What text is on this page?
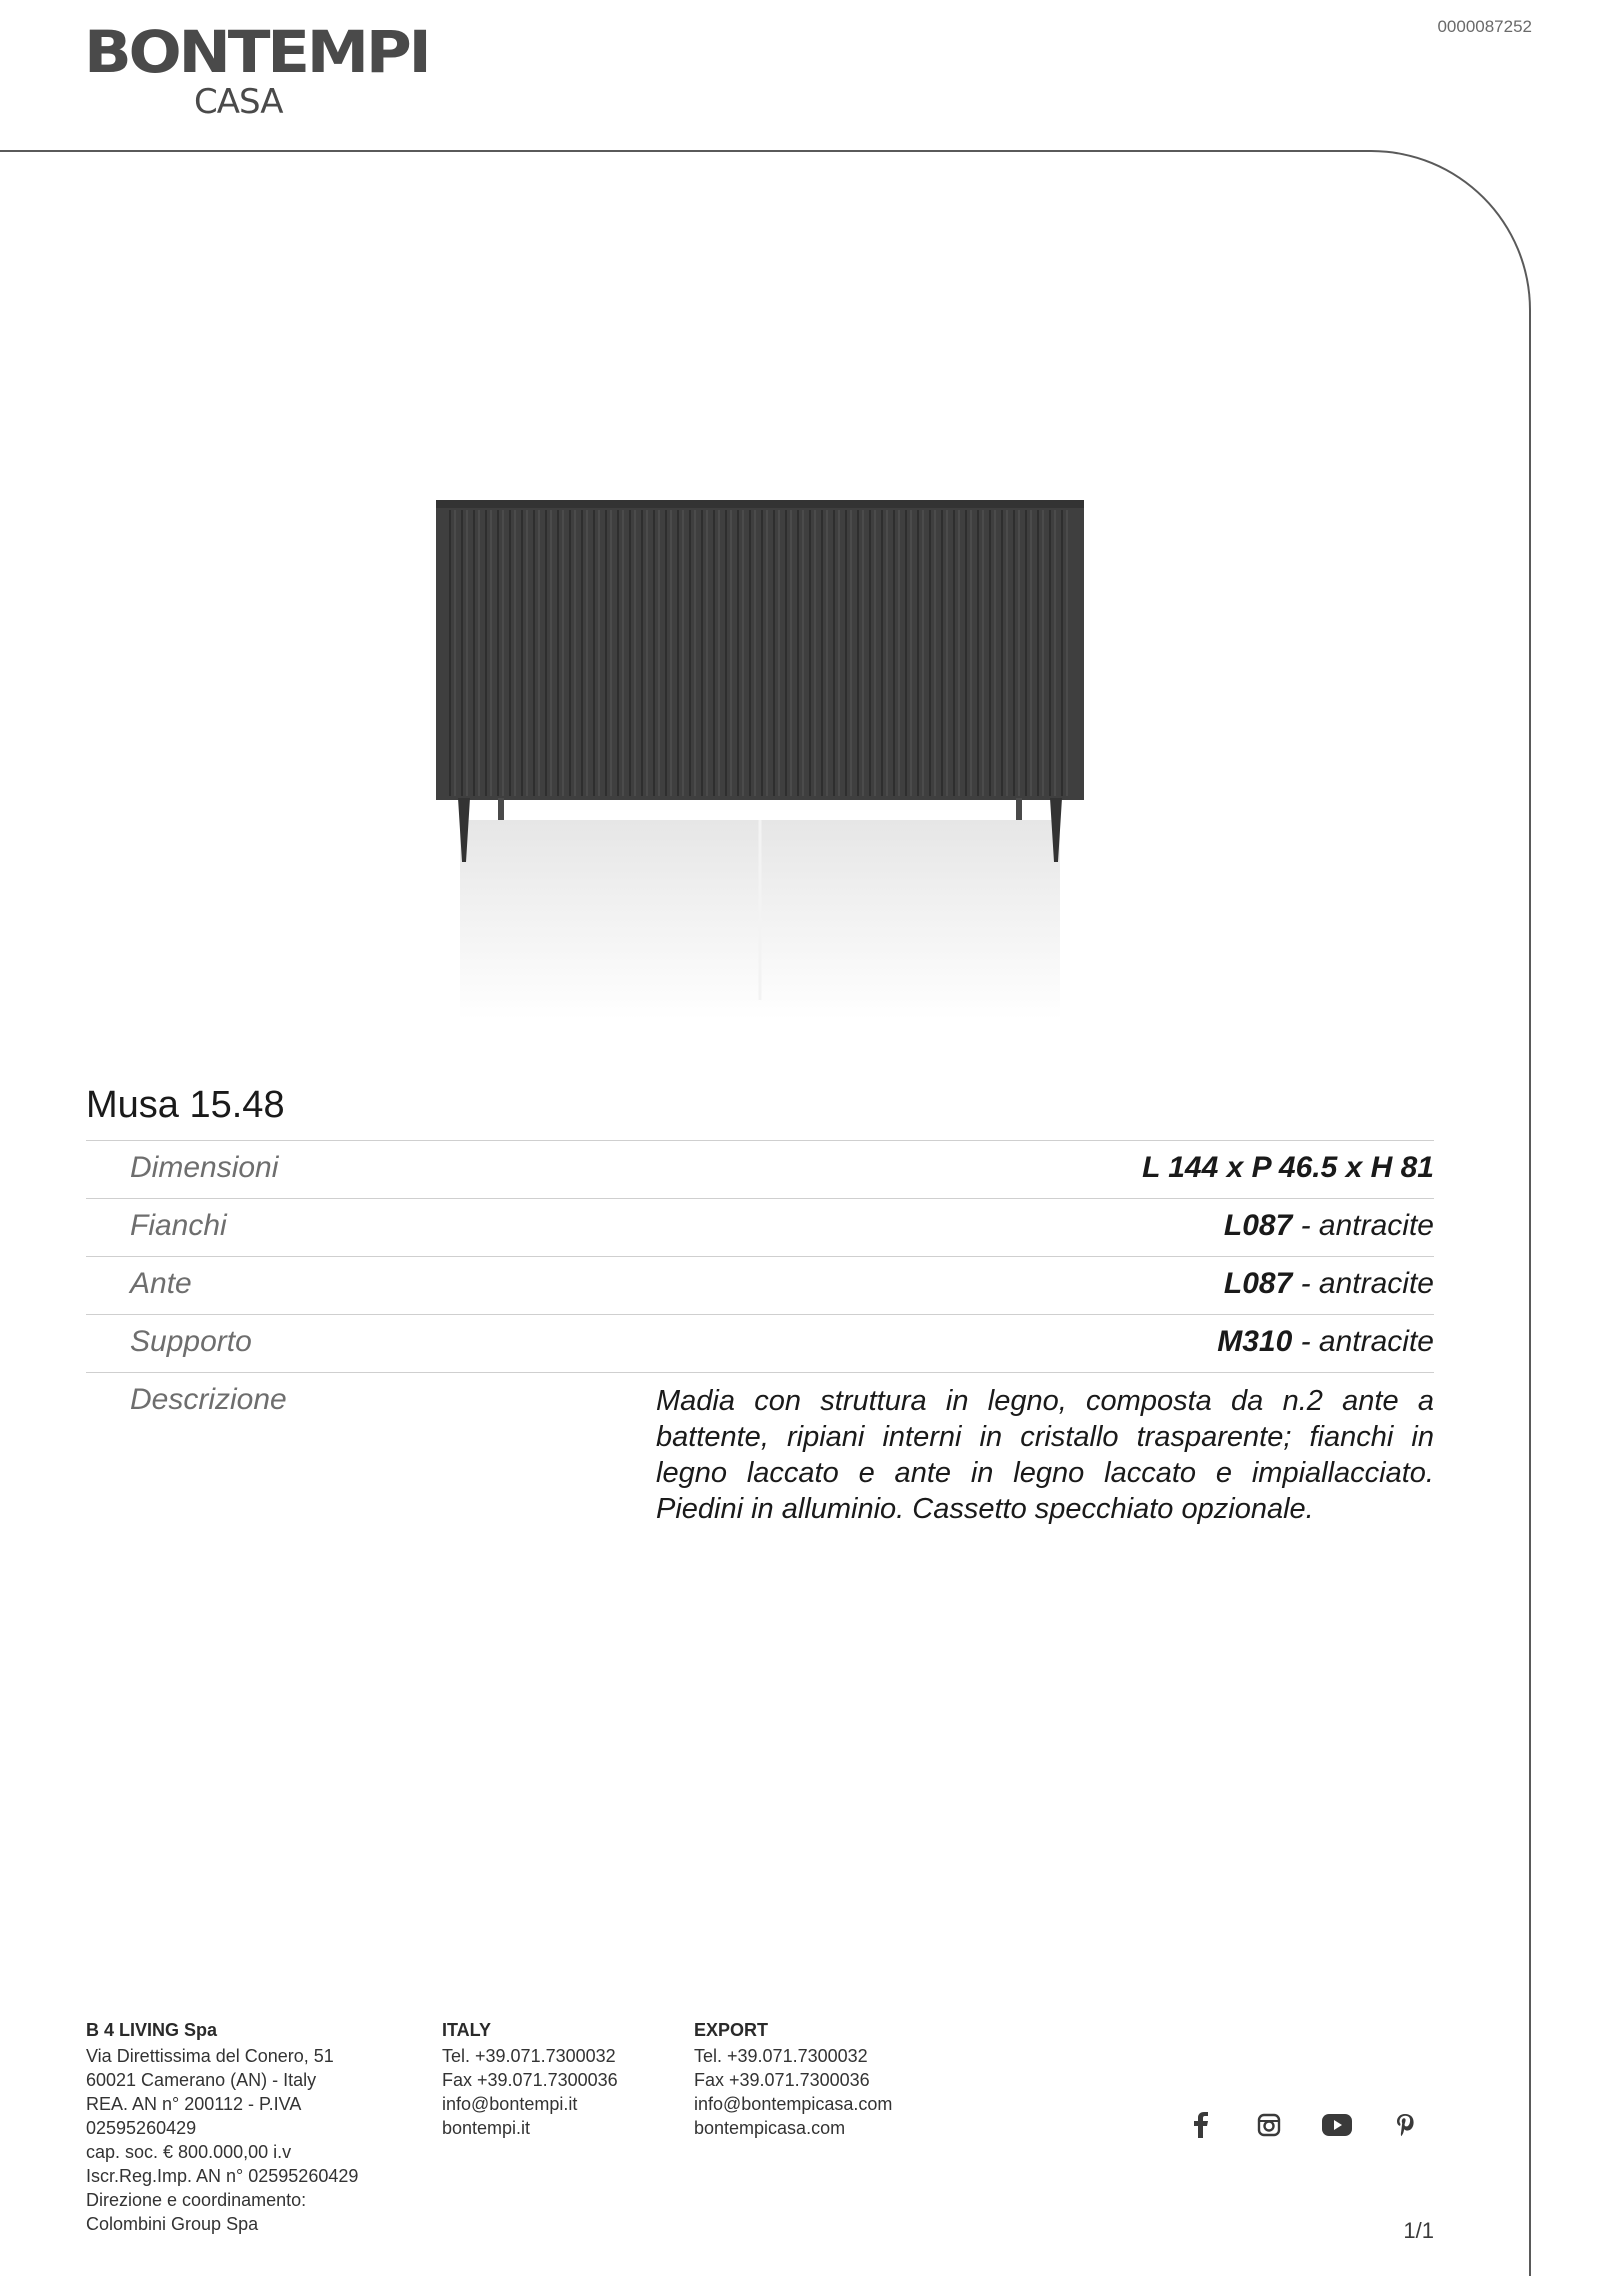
BONTEMPI
CASA
0000087252
Musa 15.48
Dimensioni	L 144 x P 46.5 x H 81
Fianchi	L087 - antracite
Ante	L087 - antracite
Supporto	M310 - antracite
Descrizione	Madia con struttura in legno, composta da n.2 ante a battente, ripiani interni in cristallo trasparente; fianchi in legno laccato e ante in legno laccato e impiallacciato. Piedini in alluminio. Cassetto specchiato opzionale.
B 4 LIVING Spa
Via Direttissima del Conero, 51
60021 Camerano (AN) - Italy
REA. AN n° 200112 - P.IVA
02595260429
cap. soc. € 800.000,00 i.v
Iscr.Reg.Imp. AN n° 02595260429
Direzione e coordinamento:
Colombini Group Spa
ITALY
Tel. +39.071.7300032
Fax +39.071.7300036
info@bontempi.it
bontempi.it
EXPORT
Tel. +39.071.7300032
Fax +39.071.7300036
info@bontempicasa.com
bontempicasa.com
1/1
